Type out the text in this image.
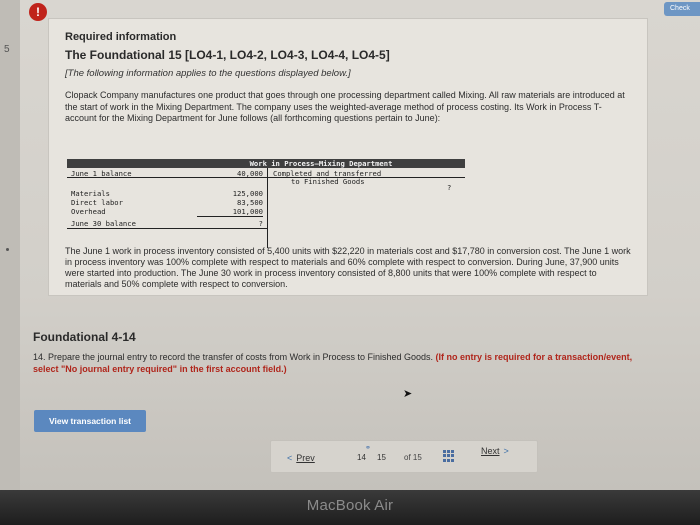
5
!	Check
Required information
The Foundational 15 [LO4-1, LO4-2, LO4-3, LO4-4, LO4-5]
[The following information applies to the questions displayed below.]
Clopack Company manufactures one product that goes through one processing department called Mixing. All raw materials are introduced at the start of work in the Mixing Department. The company uses the weighted-average method of process costing. Its Work in Process T-account for the Mixing Department for June follows (all forthcoming questions pertain to June):
Work in Process—Mixing Department
June 1 balance	40,000 Completed and transferred
to Finished Goods
?
Materials	125,000
Direct labor	83,500
Overhead	101,000
June 30 balance	?
The June 1 work in process inventory consisted of 5,400 units with $22,220 in materials cost and $17,780 in conversion cost. The June 1 work in process inventory was 100% complete with respect to materials and 60% complete with respect to conversion. During June, 37,900 units were started into production. The June 30 work in process inventory consisted of 8,800 units that were 100% complete with respect to materials and 50% complete with respect to conversion.
Foundational 4-14
14. Prepare the journal entry to record the transfer of costs from Work in Process to Finished Goods. (If no entry is required for a transaction/event, select "No journal entry required" in the first account field.)
View transaction list
➤
< Prev
⚭
14 15 of 15
Next >
MacBook Air
